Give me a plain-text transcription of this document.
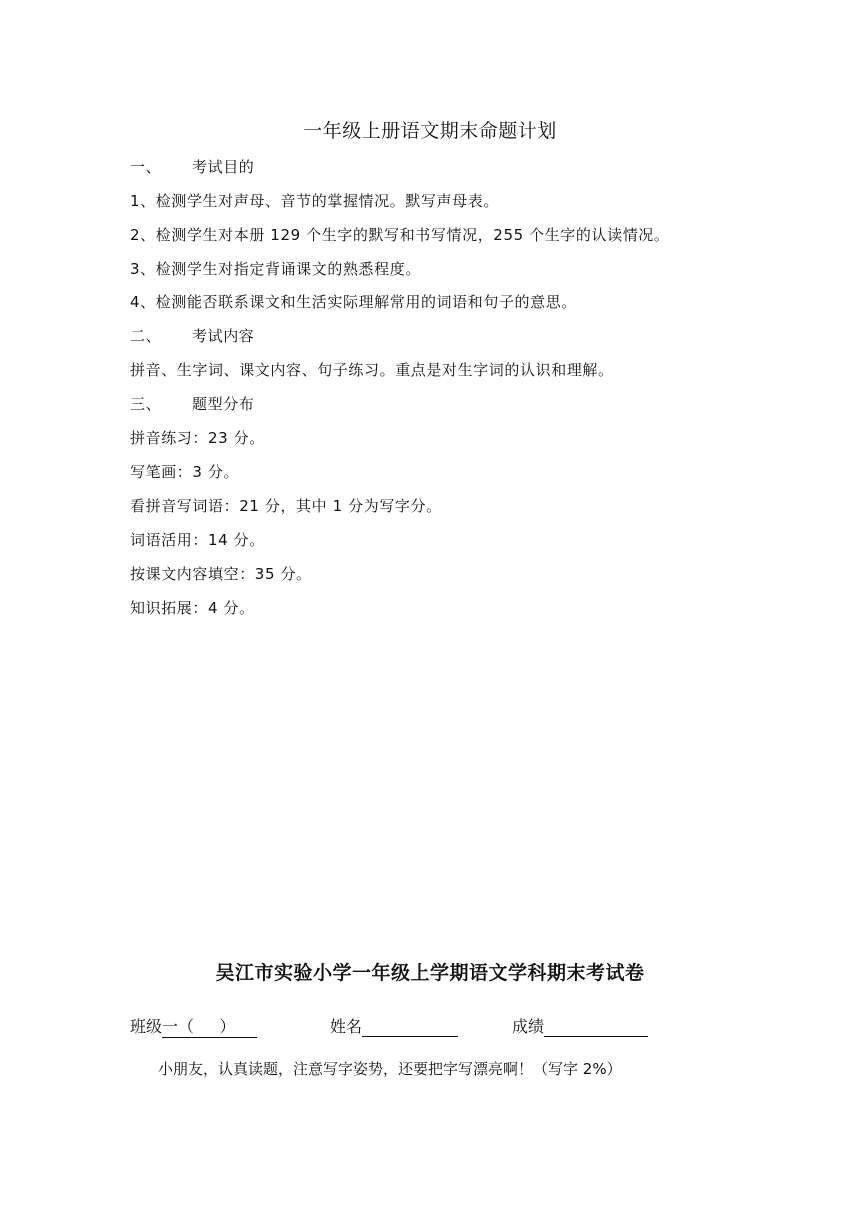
一年级上册语文期末命题计划
一、 考试目的
1、检测学生对声母、音节的掌握情况。默写声母表。
2、检测学生对本册 129 个生字的默写和书写情况，255 个生字的认读情况。
3、检测学生对指定背诵课文的熟悉程度。
4、检测能否联系课文和生活实际理解常用的词语和句子的意思。
二、 考试内容
拼音、生字词、课文内容、句子练习。重点是对生字词的认识和理解。
三、 题型分布
拼音练习：23 分。
写笔画：3 分。
看拼音写词语：21 分，其中 1 分为写字分。
词语活用：14 分。
按课文内容填空：35 分。
知识拓展：4 分。
吴江市实验小学一年级上学期语文学科期末考试卷
班级一（     ）	姓名	成绩
小朋友，认真读题，注意写字姿势，还要把字写漂亮啊！（写字 2%）
